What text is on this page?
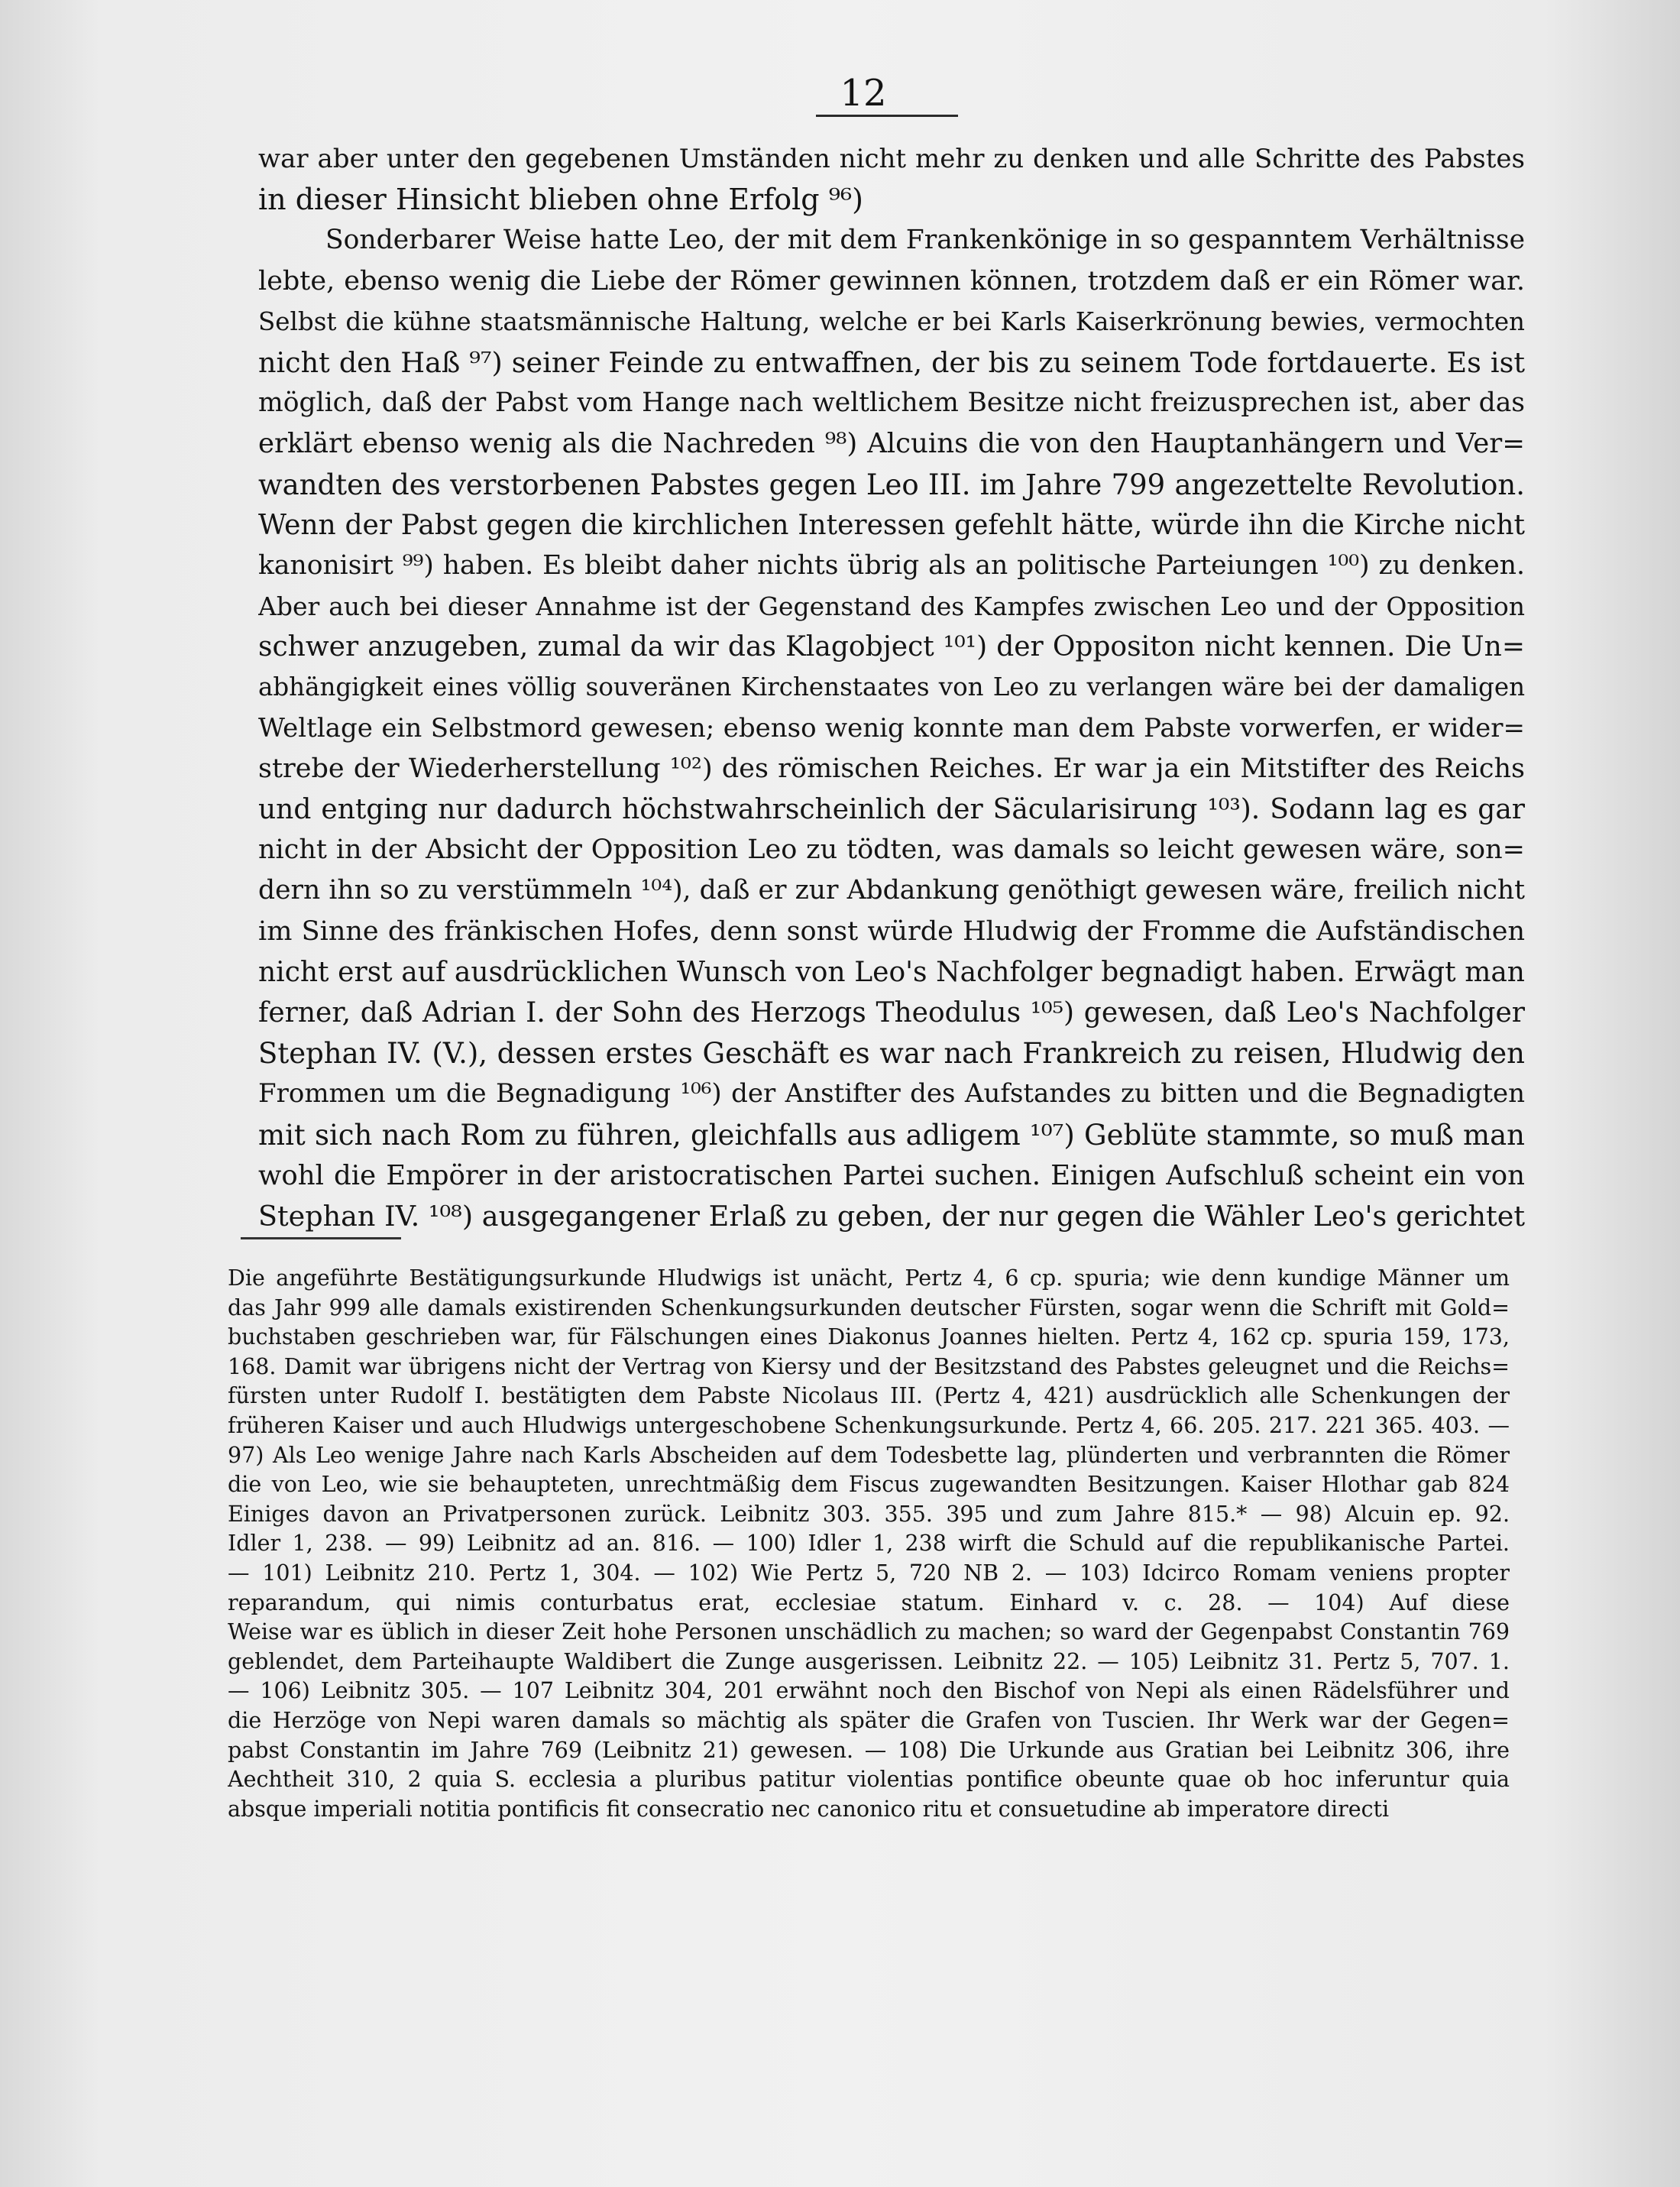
12
war aber unter den gegebenen Umständen nicht mehr zu denken und alle Schritte des Pabstes
in dieser Hinsicht blieben ohne Erfolg ⁹⁶)
Sonderbarer Weise hatte Leo, der mit dem Frankenkönige in so gespanntem Verhältnisse
lebte, ebenso wenig die Liebe der Römer gewinnen können, trotzdem daß er ein Römer war.
Selbst die kühne staatsmännische Haltung, welche er bei Karls Kaiserkrönung bewies, vermochten
nicht den Haß ⁹⁷) seiner Feinde zu entwaffnen, der bis zu seinem Tode fortdauerte. Es ist
möglich, daß der Pabst vom Hange nach weltlichem Besitze nicht freizusprechen ist, aber das
erklärt ebenso wenig als die Nachreden ⁹⁸) Alcuins die von den Hauptanhängern und Ver=
wandten des verstorbenen Pabstes gegen Leo III. im Jahre 799 angezettelte Revolution.
Wenn der Pabst gegen die kirchlichen Interessen gefehlt hätte, würde ihn die Kirche nicht
kanonisirt ⁹⁹) haben. Es bleibt daher nichts übrig als an politische Parteiungen ¹⁰⁰) zu denken.
Aber auch bei dieser Annahme ist der Gegenstand des Kampfes zwischen Leo und der Opposition
schwer anzugeben, zumal da wir das Klagobject ¹⁰¹) der Oppositon nicht kennen. Die Un=
abhängigkeit eines völlig souveränen Kirchenstaates von Leo zu verlangen wäre bei der damaligen
Weltlage ein Selbstmord gewesen; ebenso wenig konnte man dem Pabste vorwerfen, er wider=
strebe der Wiederherstellung ¹⁰²) des römischen Reiches. Er war ja ein Mitstifter des Reichs
und entging nur dadurch höchstwahrscheinlich der Säcularisirung ¹⁰³). Sodann lag es gar
nicht in der Absicht der Opposition Leo zu tödten, was damals so leicht gewesen wäre, son=
dern ihn so zu verstümmeln ¹⁰⁴), daß er zur Abdankung genöthigt gewesen wäre, freilich nicht
im Sinne des fränkischen Hofes, denn sonst würde Hludwig der Fromme die Aufständischen
nicht erst auf ausdrücklichen Wunsch von Leo's Nachfolger begnadigt haben. Erwägt man
ferner, daß Adrian I. der Sohn des Herzogs Theodulus ¹⁰⁵) gewesen, daß Leo's Nachfolger
Stephan IV. (V.), dessen erstes Geschäft es war nach Frankreich zu reisen, Hludwig den
Frommen um die Begnadigung ¹⁰⁶) der Anstifter des Aufstandes zu bitten und die Begnadigten
mit sich nach Rom zu führen, gleichfalls aus adligem ¹⁰⁷) Geblüte stammte, so muß man
wohl die Empörer in der aristocratischen Partei suchen. Einigen Aufschluß scheint ein von
Stephan IV. ¹⁰⁸) ausgegangener Erlaß zu geben, der nur gegen die Wähler Leo's gerichtet
Die angeführte Bestätigungsurkunde Hludwigs ist unächt, Pertz 4, 6 cp. spuria; wie denn kundige Männer um
das Jahr 999 alle damals existirenden Schenkungsurkunden deutscher Fürsten, sogar wenn die Schrift mit Gold=
buchstaben geschrieben war, für Fälschungen eines Diakonus Joannes hielten. Pertz 4, 162 cp. spuria 159, 173,
168. Damit war übrigens nicht der Vertrag von Kiersy und der Besitzstand des Pabstes geleugnet und die Reichs=
fürsten unter Rudolf I. bestätigten dem Pabste Nicolaus III. (Pertz 4, 421) ausdrücklich alle Schenkungen der
früheren Kaiser und auch Hludwigs untergeschobene Schenkungsurkunde. Pertz 4, 66. 205. 217. 221 365. 403. —
97) Als Leo wenige Jahre nach Karls Abscheiden auf dem Todesbette lag, plünderten und verbrannten die Römer
die von Leo, wie sie behaupteten, unrechtmäßig dem Fiscus zugewandten Besitzungen. Kaiser Hlothar gab 824
Einiges davon an Privatpersonen zurück. Leibnitz 303. 355. 395 und zum Jahre 815.* — 98) Alcuin ep. 92.
Idler 1, 238. — 99) Leibnitz ad an. 816. — 100) Idler 1, 238 wirft die Schuld auf die republikanische Partei.
— 101) Leibnitz 210. Pertz 1, 304. — 102) Wie Pertz 5, 720 NB 2. — 103) Idcirco Romam veniens propter
reparandum, qui nimis conturbatus erat, ecclesiae statum. Einhard v. c. 28. — 104) Auf diese
Weise war es üblich in dieser Zeit hohe Personen unschädlich zu machen; so ward der Gegenpabst Constantin 769
geblendet, dem Parteihaupte Waldibert die Zunge ausgerissen. Leibnitz 22. — 105) Leibnitz 31. Pertz 5, 707. 1.
— 106) Leibnitz 305. — 107 Leibnitz 304, 201 erwähnt noch den Bischof von Nepi als einen Rädelsführer und
die Herzöge von Nepi waren damals so mächtig als später die Grafen von Tuscien. Ihr Werk war der Gegen=
pabst Constantin im Jahre 769 (Leibnitz 21) gewesen. — 108) Die Urkunde aus Gratian bei Leibnitz 306, ihre
Aechtheit 310, 2 quia S. ecclesia a pluribus patitur violentias pontifice obeunte quae ob hoc inferuntur quia
absque imperiali notitia pontificis fit consecratio nec canonico ritu et consuetudine ab imperatore directi
